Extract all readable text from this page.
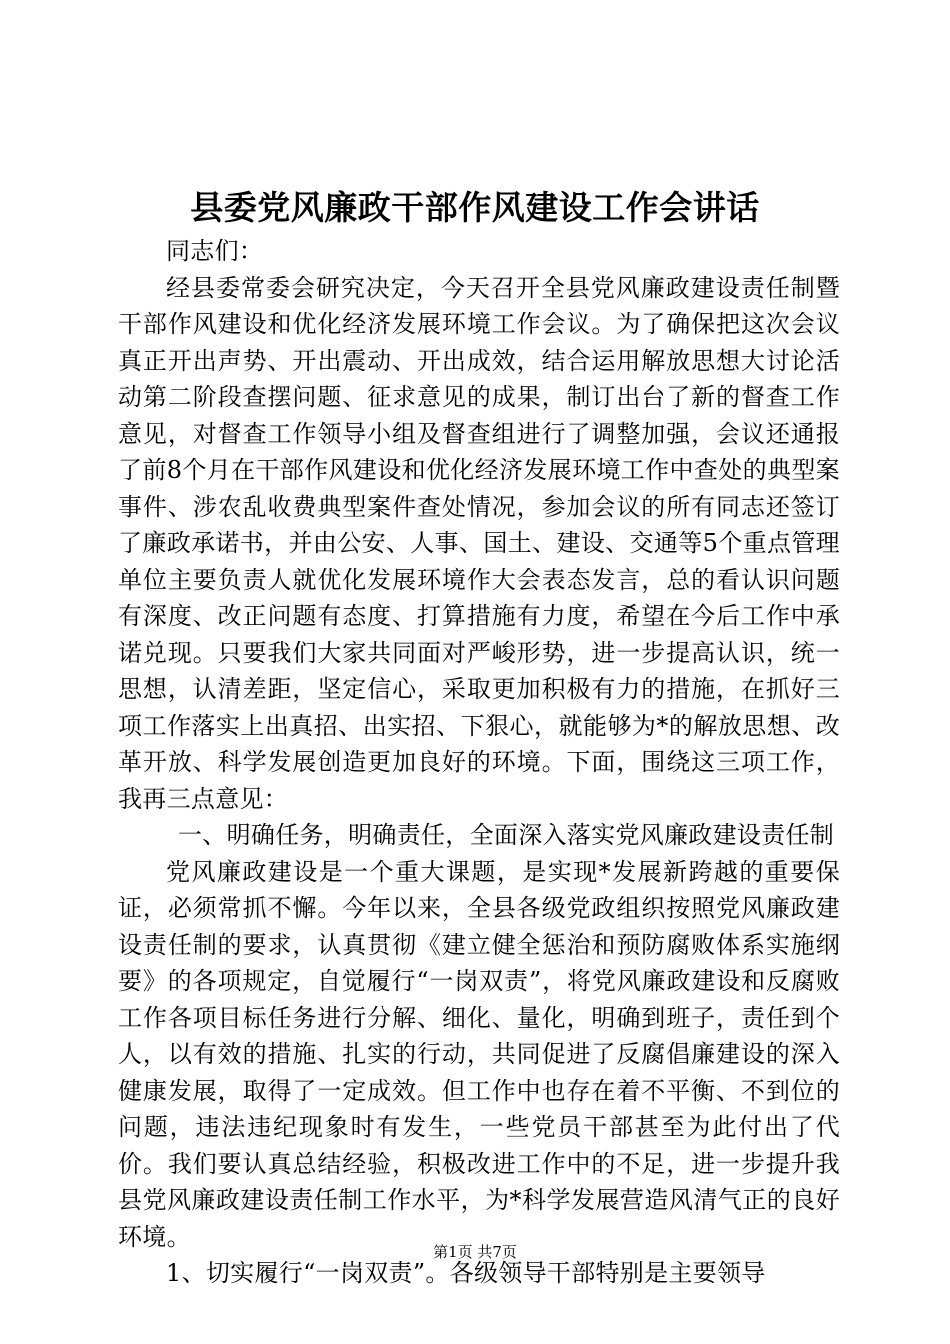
县委党风廉政干部作风建设工作会讲话

同志们：

经县委常委会研究决定，今天召开全县党风廉政建设责任制暨干部作风建设和优化经济发展环境工作会议。为了确保把这次会议真正开出声势、开出震动、开出成效，结合运用解放思想大讨论活动第二阶段查摆问题、征求意见的成果，制订出台了新的督查工作意见，对督查工作领导小组及督查组进行了调整加强，会议还通报了前8个月在干部作风建设和优化经济发展环境工作中查处的典型案事件、涉农乱收费典型案件查处情况，参加会议的所有同志还签订了廉政承诺书，并由公安、人事、国土、建设、交通等5个重点管理单位主要负责人就优化发展环境作大会表态发言，总的看认识问题有深度、改正问题有态度、打算措施有力度，希望在今后工作中承诺兑现。只要我们大家共同面对严峻形势，进一步提高认识，统一思想，认清差距，坚定信心，采取更加积极有力的措施，在抓好三项工作落实上出真招、出实招、下狠心，就能够为*的解放思想、改革开放、科学发展创造更加良好的环境。下面，围绕这三项工作，我再三点意见：

一、明确任务，明确责任，全面深入落实党风廉政建设责任制

党风廉政建设是一个重大课题，是实现*发展新跨越的重要保证，必须常抓不懈。今年以来，全县各级党政组织按照党风廉政建设责任制的要求，认真贯彻《建立健全惩治和预防腐败体系实施纲要》的各项规定，自觉履行“一岗双责”，将党风廉政建设和反腐败工作各项目标任务进行分解、细化、量化，明确到班子，责任到个人，以有效的措施、扎实的行动，共同促进了反腐倡廉建设的深入健康发展，取得了一定成效。但工作中也存在着不平衡、不到位的问题，违法违纪现象时有发生，一些党员干部甚至为此付出了代价。我们要认真总结经验，积极改进工作中的不足，进一步提升我县党风廉政建设责任制工作水平，为*科学发展营造风清气正的良好环境。

1、切实履行“一岗双责”。各级领导干部特别是主要领导

第1页 共7页
